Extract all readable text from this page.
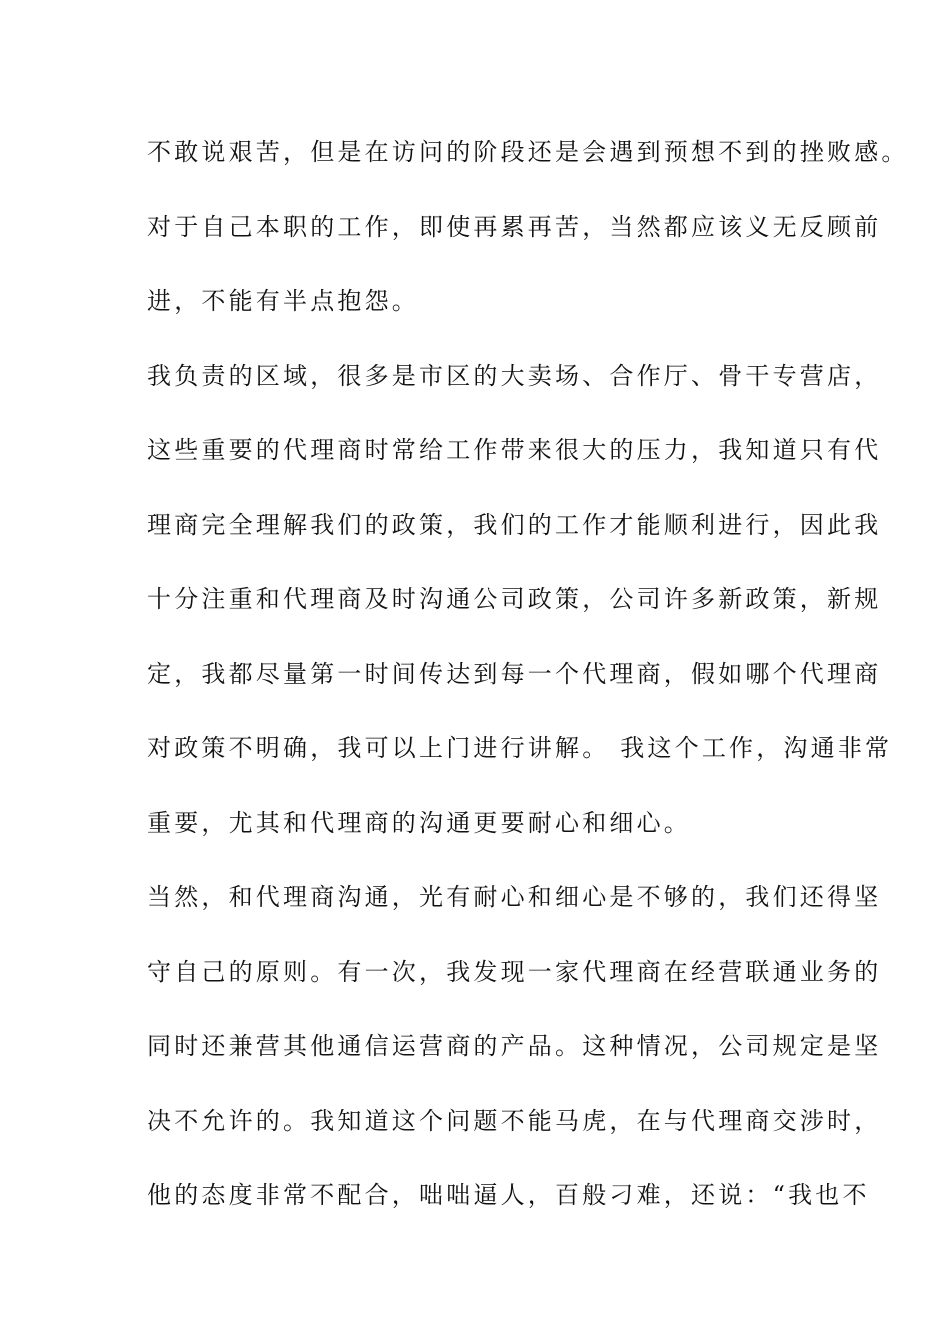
不敢说艰苦，但是在访问的阶段还是会遇到预想不到的挫败感。
对于自己本职的工作，即使再累再苦，当然都应该义无反顾前
进，不能有半点抱怨。
我负责的区域，很多是市区的大卖场、合作厅、骨干专营店，
这些重要的代理商时常给工作带来很大的压力，我知道只有代
理商完全理解我们的政策，我们的工作才能顺利进行，因此我
十分注重和代理商及时沟通公司政策，公司许多新政策，新规
定，我都尽量第一时间传达到每一个代理商，假如哪个代理商
对政策不明确，我可以上门进行讲解。 我这个工作，沟通非常
重要，尤其和代理商的沟通更要耐心和细心。
当然，和代理商沟通，光有耐心和细心是不够的，我们还得坚
守自己的原则。有一次，我发现一家代理商在经营联通业务的
同时还兼营其他通信运营商的产品。这种情况，公司规定是坚
决不允许的。我知道这个问题不能马虎，在与代理商交涉时，
他的态度非常不配合，咄咄逼人，百般刁难，还说：“我也不
